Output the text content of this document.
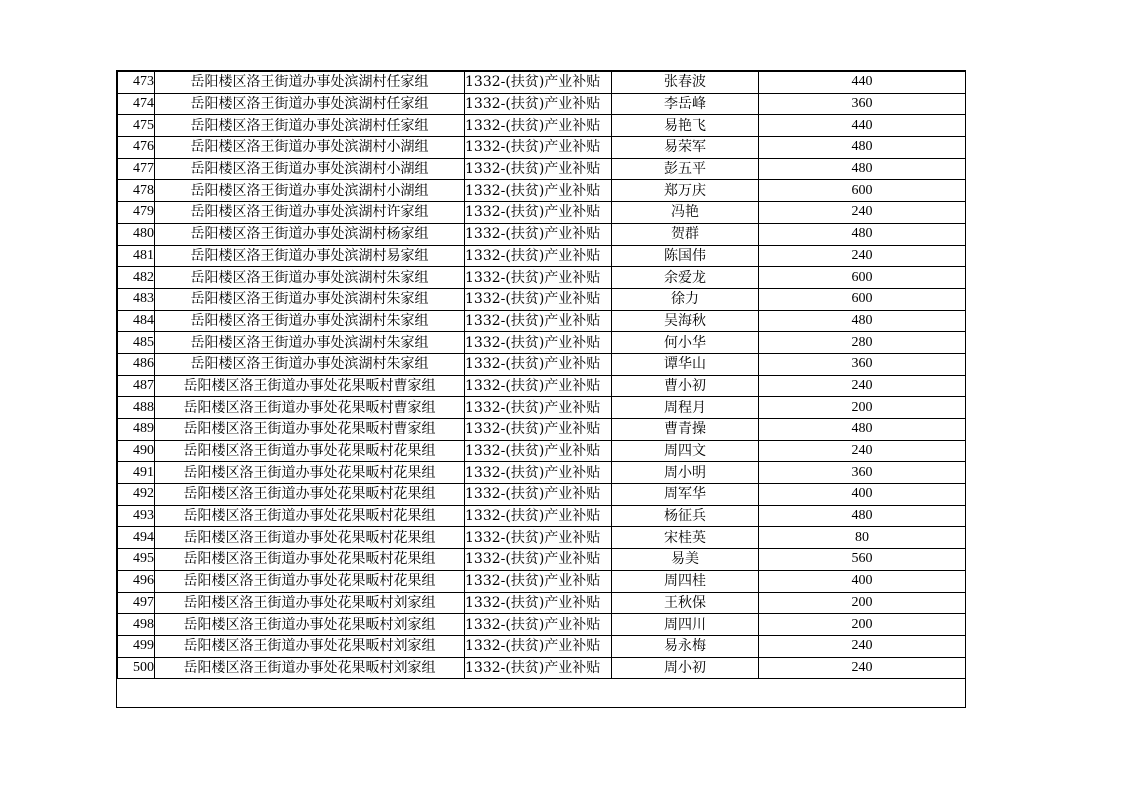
473	岳阳楼区洛王街道办事处滨湖村任家组	1332-(扶贫)产业补贴	张春波	440
474	岳阳楼区洛王街道办事处滨湖村任家组	1332-(扶贫)产业补贴	李岳峰	360
475	岳阳楼区洛王街道办事处滨湖村任家组	1332-(扶贫)产业补贴	易艳飞	440
476	岳阳楼区洛王街道办事处滨湖村小湖组	1332-(扶贫)产业补贴	易荣军	480
477	岳阳楼区洛王街道办事处滨湖村小湖组	1332-(扶贫)产业补贴	彭五平	480
478	岳阳楼区洛王街道办事处滨湖村小湖组	1332-(扶贫)产业补贴	郑万庆	600
479	岳阳楼区洛王街道办事处滨湖村许家组	1332-(扶贫)产业补贴	冯艳	240
480	岳阳楼区洛王街道办事处滨湖村杨家组	1332-(扶贫)产业补贴	贺群	480
481	岳阳楼区洛王街道办事处滨湖村易家组	1332-(扶贫)产业补贴	陈国伟	240
482	岳阳楼区洛王街道办事处滨湖村朱家组	1332-(扶贫)产业补贴	余爱龙	600
483	岳阳楼区洛王街道办事处滨湖村朱家组	1332-(扶贫)产业补贴	徐力	600
484	岳阳楼区洛王街道办事处滨湖村朱家组	1332-(扶贫)产业补贴	吴海秋	480
485	岳阳楼区洛王街道办事处滨湖村朱家组	1332-(扶贫)产业补贴	何小华	280
486	岳阳楼区洛王街道办事处滨湖村朱家组	1332-(扶贫)产业补贴	谭华山	360
487	岳阳楼区洛王街道办事处花果畈村曹家组	1332-(扶贫)产业补贴	曹小初	240
488	岳阳楼区洛王街道办事处花果畈村曹家组	1332-(扶贫)产业补贴	周程月	200
489	岳阳楼区洛王街道办事处花果畈村曹家组	1332-(扶贫)产业补贴	曹青操	480
490	岳阳楼区洛王街道办事处花果畈村花果组	1332-(扶贫)产业补贴	周四文	240
491	岳阳楼区洛王街道办事处花果畈村花果组	1332-(扶贫)产业补贴	周小明	360
492	岳阳楼区洛王街道办事处花果畈村花果组	1332-(扶贫)产业补贴	周军华	400
493	岳阳楼区洛王街道办事处花果畈村花果组	1332-(扶贫)产业补贴	杨征兵	480
494	岳阳楼区洛王街道办事处花果畈村花果组	1332-(扶贫)产业补贴	宋桂英	80
495	岳阳楼区洛王街道办事处花果畈村花果组	1332-(扶贫)产业补贴	易美	560
496	岳阳楼区洛王街道办事处花果畈村花果组	1332-(扶贫)产业补贴	周四桂	400
497	岳阳楼区洛王街道办事处花果畈村刘家组	1332-(扶贫)产业补贴	王秋保	200
498	岳阳楼区洛王街道办事处花果畈村刘家组	1332-(扶贫)产业补贴	周四川	200
499	岳阳楼区洛王街道办事处花果畈村刘家组	1332-(扶贫)产业补贴	易永梅	240
500	岳阳楼区洛王街道办事处花果畈村刘家组	1332-(扶贫)产业补贴	周小初	240
